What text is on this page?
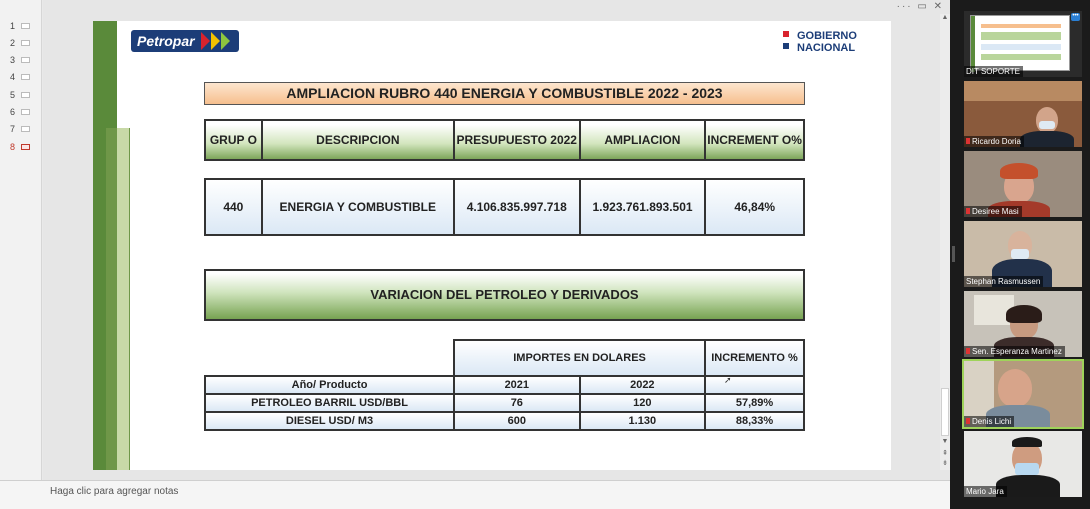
1
2
3
4
5
6
7
8
··· ▭ ✕
▲
▼
⇞
⇟
Petropar	GOBIERNO
NACIONAL
AMPLIACION RUBRO 440 ENERGIA Y COMBUSTIBLE 2022 - 2023
GRUP O	DESCRIPCION	PRESUPUESTO 2022	AMPLIACION	INCREMENT O%
440	ENERGIA Y COMBUSTIBLE	4.106.835.997.718	1.923.761.893.501	46,84%
VARIACION DEL PETROLEO Y DERIVADOS
	IMPORTES EN DOLARES		INCREMENTO %
Año/ Producto	2021	2022	
PETROLEO BARRIL USD/BBL	76	120	57,89%
DIESEL USD/ M3	600	1.130	88,33%
➚
Haga clic para agregar notas
•••
DIT SOPORTE
Ricardo Doria
Desiree Masi
Stephan Rasmussen
Sen. Esperanza Martinez
Denis Lichi
Mario Jara
